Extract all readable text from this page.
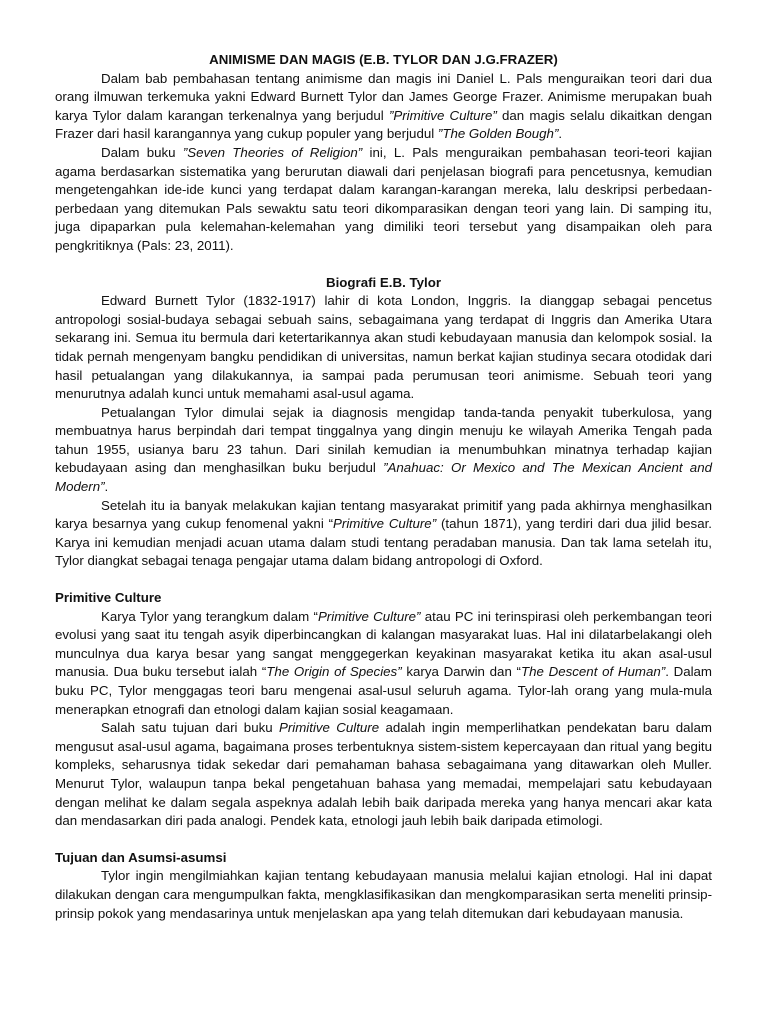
ANIMISME DAN MAGIS (E.B. TYLOR DAN J.G.FRAZER)

Dalam bab pembahasan tentang animisme dan magis ini Daniel L. Pals menguraikan teori dari dua orang ilmuwan terkemuka yakni Edward Burnett Tylor dan James George Frazer. Animisme merupakan buah karya Tylor dalam karangan terkenalnya yang berjudul ”Primitive Culture” dan magis selalu dikaitkan dengan Frazer dari hasil karangannya yang cukup populer yang berjudul ”The Golden Bough”.

Dalam buku ”Seven Theories of Religion” ini, L. Pals menguraikan pembahasan teori-teori kajian agama berdasarkan sistematika yang berurutan diawali dari penjelasan biografi para pencetusnya, kemudian mengetengahkan ide-ide kunci yang terdapat dalam karangan-karangan mereka, lalu deskripsi perbedaan-perbedaan yang ditemukan Pals sewaktu satu teori dikomparasikan dengan teori yang lain. Di samping itu, juga dipaparkan pula kelemahan-kelemahan yang dimiliki teori tersebut yang disampaikan oleh para pengkritiknya (Pals: 23, 2011).

Biografi E.B. Tylor

Edward Burnett Tylor (1832-1917) lahir di kota London, Inggris. Ia dianggap sebagai pencetus antropologi sosial-budaya sebagai sebuah sains, sebagaimana yang terdapat di Inggris dan Amerika Utara sekarang ini. Semua itu bermula dari ketertarikannya akan studi kebudayaan manusia dan kelompok sosial. Ia tidak pernah mengenyam bangku pendidikan di universitas, namun berkat kajian studinya secara otodidak dari hasil petualangan yang dilakukannya, ia sampai pada perumusan teori animisme. Sebuah teori yang menurutnya adalah kunci untuk memahami asal-usul agama.

Petualangan Tylor dimulai sejak ia diagnosis mengidap tanda-tanda penyakit tuberkulosa, yang membuatnya harus berpindah dari tempat tinggalnya yang dingin menuju ke wilayah Amerika Tengah pada tahun 1955, usianya baru 23 tahun. Dari sinilah kemudian ia menumbuhkan minatnya terhadap kajian kebudayaan asing dan menghasilkan buku berjudul ”Anahuac: Or Mexico and The Mexican Ancient and Modern”.

Setelah itu ia banyak melakukan kajian tentang masyarakat primitif yang pada akhirnya menghasilkan karya besarnya yang cukup fenomenal yakni “Primitive Culture” (tahun 1871), yang terdiri dari dua jilid besar. Karya ini kemudian menjadi acuan utama dalam studi tentang peradaban manusia. Dan tak lama setelah itu, Tylor diangkat sebagai tenaga pengajar utama dalam bidang antropologi di Oxford.

Primitive Culture

Karya Tylor yang terangkum dalam “Primitive Culture” atau PC ini terinspirasi oleh perkembangan teori evolusi yang saat itu tengah asyik diperbincangkan di kalangan masyarakat luas. Hal ini dilatarbelakangi oleh munculnya dua karya besar yang sangat menggegerkan keyakinan masyarakat ketika itu akan asal-usul manusia. Dua buku tersebut ialah “The Origin of Species” karya Darwin dan “The Descent of Human”. Dalam buku PC, Tylor menggagas teori baru mengenai asal-usul seluruh agama. Tylor-lah orang yang mula-mula menerapkan etnografi dan etnologi dalam kajian sosial keagamaan.

Salah satu tujuan dari buku Primitive Culture adalah ingin memperlihatkan pendekatan baru dalam mengusut asal-usul agama, bagaimana proses terbentuknya sistem-sistem kepercayaan dan ritual yang begitu kompleks, seharusnya tidak sekedar dari pemahaman bahasa sebagaimana yang ditawarkan oleh Muller. Menurut Tylor, walaupun tanpa bekal pengetahuan bahasa yang memadai, mempelajari satu kebudayaan dengan melihat ke dalam segala aspeknya adalah lebih baik daripada mereka yang hanya mencari akar kata dan mendasarkan diri pada analogi. Pendek kata, etnologi jauh lebih baik daripada etimologi.

Tujuan dan Asumsi-asumsi

Tylor ingin mengilmiahkan kajian tentang kebudayaan manusia melalui kajian etnologi. Hal ini dapat dilakukan dengan cara mengumpulkan fakta, mengklasifikasikan dan mengkomparasikan serta meneliti prinsip-prinsip pokok yang mendasarinya untuk menjelaskan apa yang telah ditemukan dari kebudayaan manusia.
